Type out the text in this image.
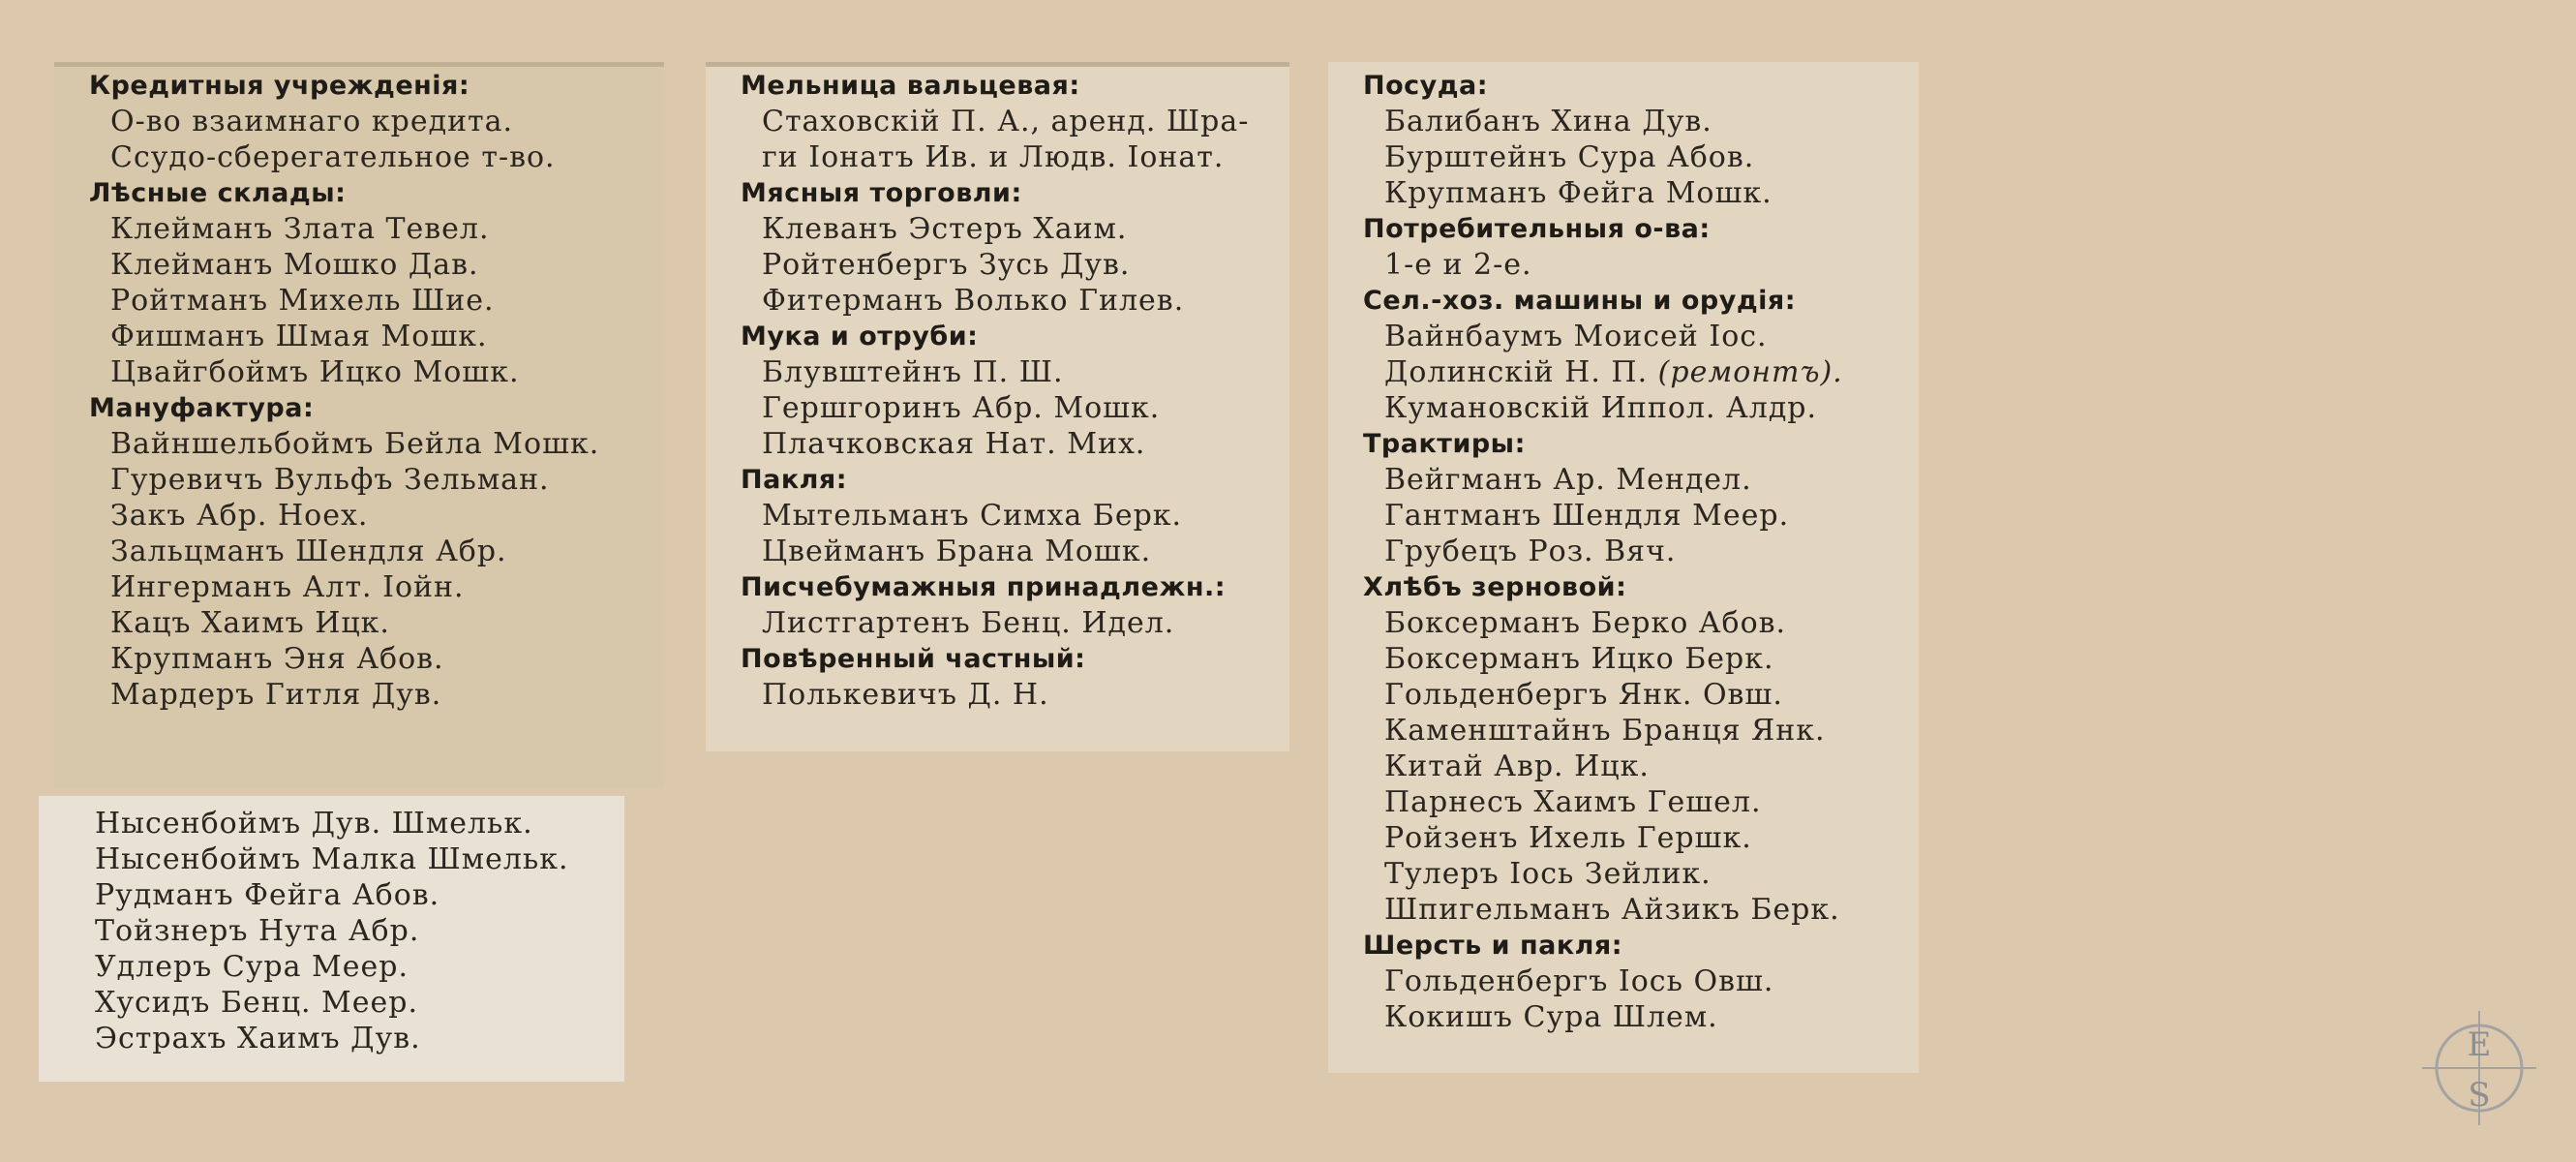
Кредитныя учрежденія:
О-во взаимнаго кредита.
Ссудо-сберегательное т-во.
Лѣсные склады:
Клейманъ Злата Тевел.
Клейманъ Мошко Дав.
Ройтманъ Михель Шие.
Фишманъ Шмая Мошк.
Цвайгбоймъ Ицко Мошк.
Мануфактура:
Вайншельбоймъ Бейла Мошк.
Гуревичъ Вульфъ Зельман.
Закъ Абр. Ноех.
Зальцманъ Шендля Абр.
Ингерманъ Алт. Іойн.
Кацъ Хаимъ Ицк.
Крупманъ Эня Абов.
Мардеръ Гитля Дув.
Нысенбоймъ Дув. Шмельк.
Нысенбоймъ Малка Шмельк.
Рудманъ Фейга Абов.
Тойзнеръ Нута Абр.
Удлеръ Сура Меер.
Хусидъ Бенц. Меер.
Эстрахъ Хаимъ Дув.
Мельница вальцевая:
Стаховскій П. А., аренд. Шра-
ги Іонатъ Ив. и Людв. Іонат.
Мясныя торговли:
Клеванъ Эстеръ Хаим.
Ройтенбергъ Зусь Дув.
Фитерманъ Волько Гилев.
Мука и отруби:
Блувштейнъ П. Ш.
Гершгоринъ Абр. Мошк.
Плачковская Нат. Мих.
Пакля:
Мытельманъ Симха Берк.
Цвейманъ Брана Мошк.
Писчебумажныя принадлежн.:
Листгартенъ Бенц. Идел.
Повѣренный частный:
Полькевичъ Д. Н.
Посуда:
Балибанъ Хина Дув.
Бурштейнъ Сура Абов.
Крупманъ Фейга Мошк.
Потребительныя о-ва:
1-е и 2-е.
Сел.-хоз. машины и орудія:
Вайнбаумъ Моисей Іос.
Долинскій Н. П. (ремонтъ).
Кумановскій Иппол. Алдр.
Трактиры:
Вейгманъ Ар. Мендел.
Гантманъ Шендля Меер.
Грубецъ Роз. Вяч.
Хлѣбъ зерновой:
Боксерманъ Берко Абов.
Боксерманъ Ицко Берк.
Гольденбергъ Янк. Овш.
Каменштайнъ Бранця Янк.
Китай Авр. Ицк.
Парнесъ Хаимъ Гешел.
Ройзенъ Ихель Гершк.
Тулеръ Іось Зейлик.
Шпигельманъ Айзикъ Берк.
Шерсть и пакля:
Гольденбергъ Іось Овш.
Кокишъ Сура Шлем.
E
S
